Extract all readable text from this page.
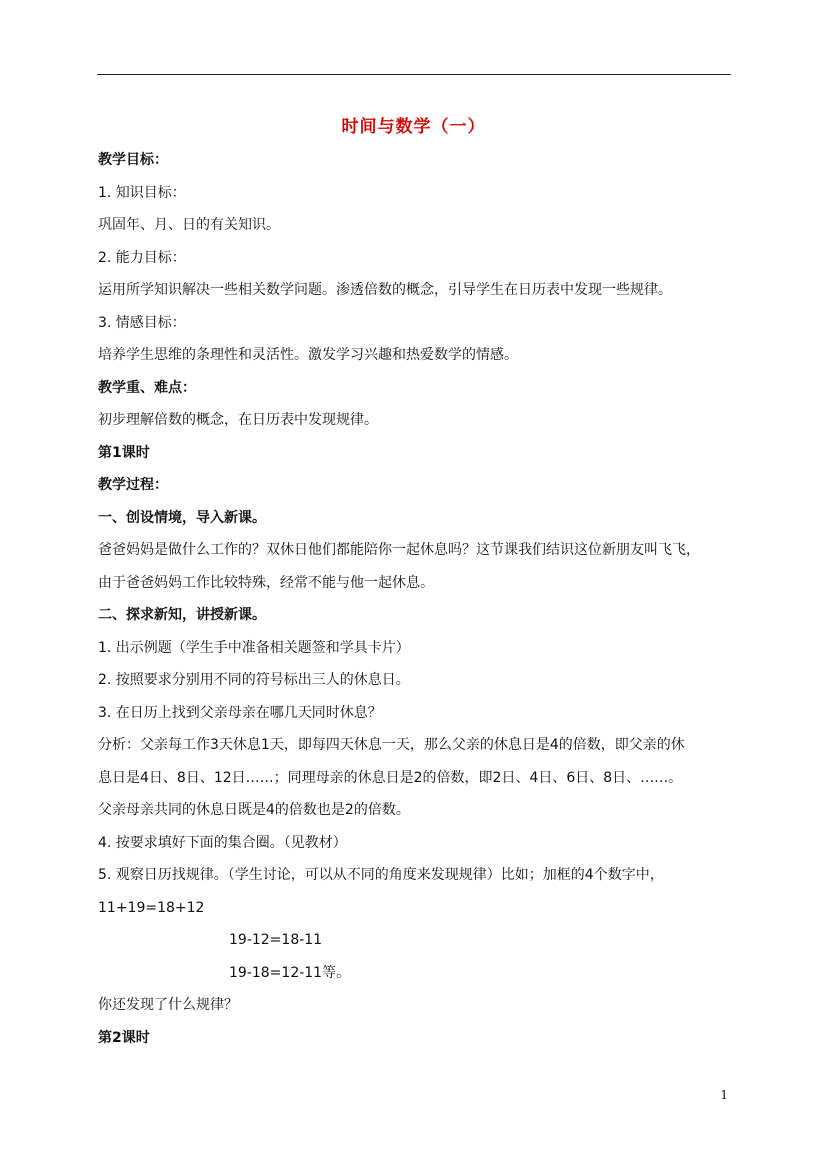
时间与数学（一）
教学目标：
1. 知识目标：
巩固年、月、日的有关知识。
2. 能力目标：
运用所学知识解决一些相关数学问题。渗透倍数的概念，引导学生在日历表中发现一些规律。
3. 情感目标：
培养学生思维的条理性和灵活性。激发学习兴趣和热爱数学的情感。
教学重、难点：
初步理解倍数的概念，在日历表中发现规律。
第1课时
教学过程：
一、创设情境，导入新课。
爸爸妈妈是做什么工作的？双休日他们都能陪你一起休息吗？这节课我们结识这位新朋友叫飞飞，
由于爸爸妈妈工作比较特殊，经常不能与他一起休息。
二、探求新知，讲授新课。
1. 出示例题（学生手中准备相关题签和学具卡片）
2. 按照要求分别用不同的符号标出三人的休息日。
3. 在日历上找到父亲母亲在哪几天同时休息？
分析：父亲每工作3天休息1天，即每四天休息一天，那么父亲的休息日是4的倍数，即父亲的休
息日是4日、8日、12日……；同理母亲的休息日是2的倍数，即2日、4日、6日、8日、……。
父亲母亲共同的休息日既是4的倍数也是2的倍数。
4. 按要求填好下面的集合圈。（见教材）
5. 观察日历找规律。（学生讨论，可以从不同的角度来发现规律）比如；加框的4个数字中，
11+19=18+12
19-12=18-11
19-18=12-11等。
你还发现了什么规律？
第2课时
1
